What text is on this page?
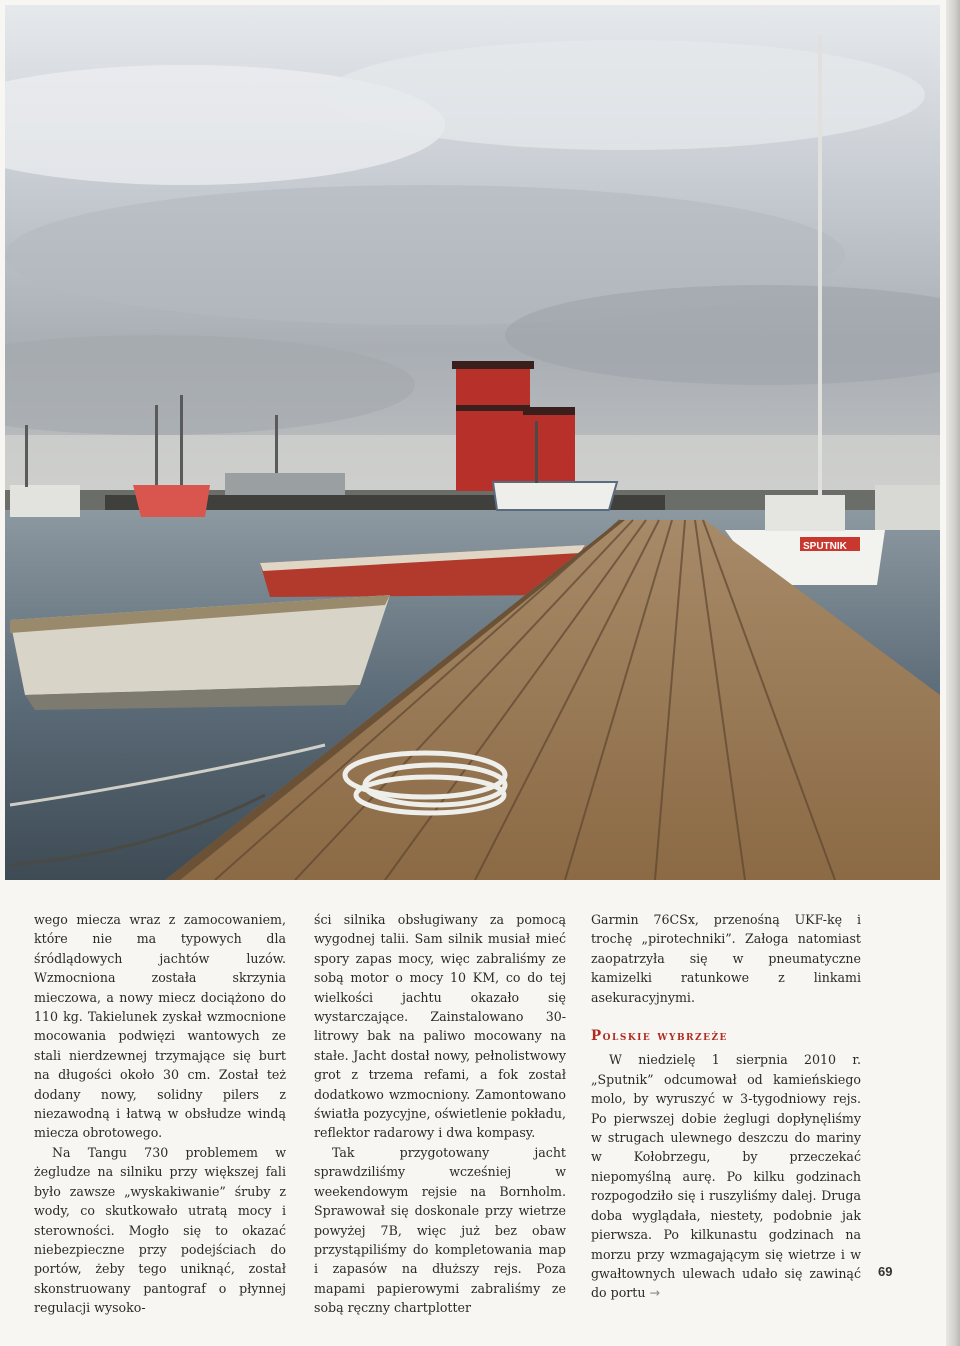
SPUTNIK

wego miecza wraz z zamocowaniem, które nie ma typowych dla śródlądowych jachtów luzów. Wzmocniona została skrzynia mieczowa, a nowy miecz dociążono do 110 kg. Takielunek zyskał wzmocnione mocowania podwięzi wantowych ze stali nierdzewnej trzymające się burt na długości około 30 cm. Został też dodany nowy, solidny pilers z niezawodną i łatwą w obsłudze windą miecza obrotowego.

Na Tangu 730 problemem w żegludze na silniku przy większej fali było zawsze „wyskakiwanie” śruby z wody, co skutkowało utratą mocy i sterowności. Mogło się to okazać niebezpieczne przy podejściach do portów, żeby tego uniknąć, został skonstruowany pantograf o płynnej regulacji wysoko-

ści silnika obsługiwany za pomocą wygodnej talii. Sam silnik musiał mieć spory zapas mocy, więc zabraliśmy ze sobą motor o mocy 10 KM, co do tej wielkości jachtu okazało się wystarczające. Zainstalowano 30-litrowy bak na paliwo mocowany na stałe. Jacht dostał nowy, pełnolistwowy grot z trzema refami, a fok został dodatkowo wzmocniony. Zamontowano światła pozycyjne, oświetlenie pokładu, reflektor radarowy i dwa kompasy.

Tak przygotowany jacht sprawdziliśmy wcześniej w weekendowym rejsie na Bornholm. Sprawował się doskonale przy wietrze powyżej 7B, więc już bez obaw przystąpiliśmy do kompletowania map i zapasów na dłuższy rejs. Poza mapami papierowymi zabraliśmy ze sobą ręczny chartplotter

Garmin 76CSx, przenośną UKF-kę i trochę „pirotechniki”. Załoga natomiast zaopatrzyła się w pneumatyczne kamizelki ratunkowe z linkami asekuracyjnymi.

Polskie wybrzeże

W niedzielę 1 sierpnia 2010 r. „Sputnik” odcumował od kamieńskiego molo, by wyruszyć w 3-tygodniowy rejs. Po pierwszej dobie żeglugi dopłynęliśmy w strugach ulewnego deszczu do mariny w Kołobrzegu, by przeczekać niepomyślną aurę. Po kilku godzinach rozpogodziło się i ruszyliśmy dalej. Druga doba wyglądała, niestety, podobnie jak pierwsza. Po kilkunastu godzinach na morzu przy wzmagającym się wietrze i w gwałtownych ulewach udało się zawinąć do portu →

69
